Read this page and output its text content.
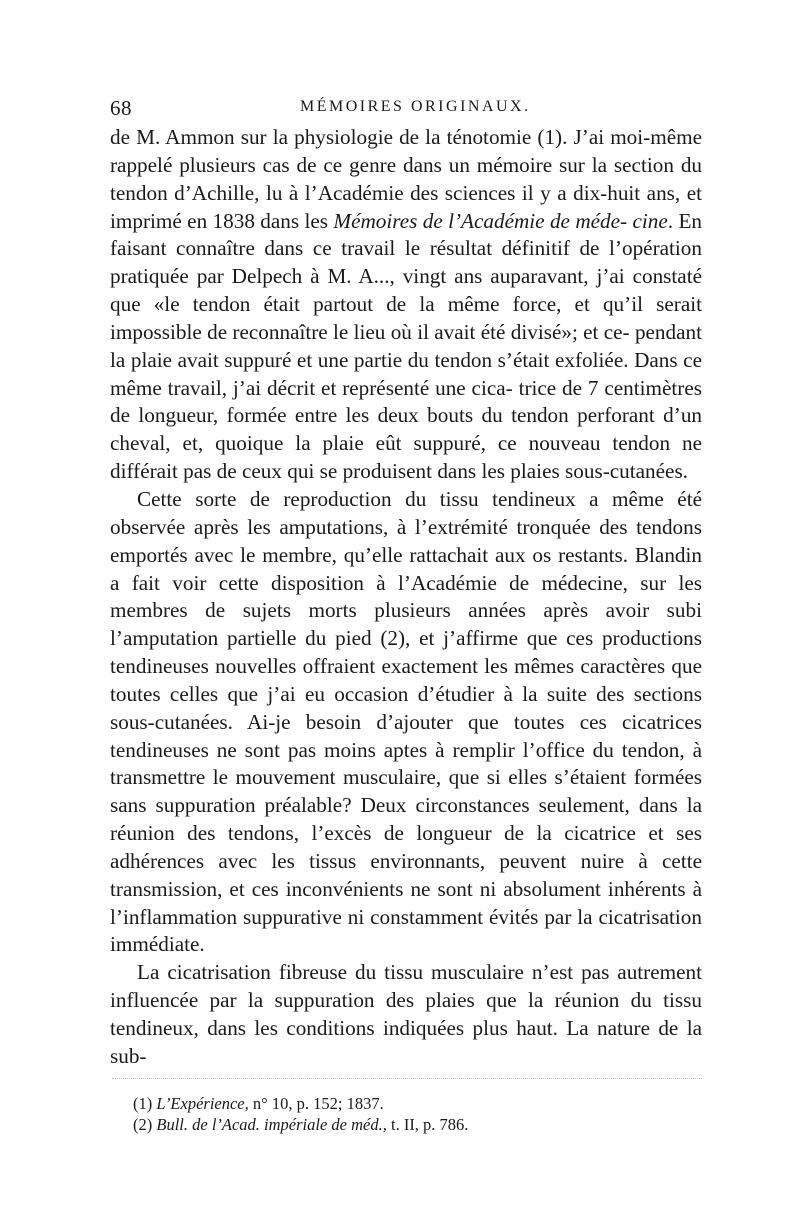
68	MÉMOIRES ORIGINAUX.

de M. Ammon sur la physiologie de la ténotomie (1). J’ai moi-même rappelé plusieurs cas de ce genre dans un mémoire sur la section du tendon d’Achille, lu à l’Académie des sciences il y a dix-huit ans, et imprimé en 1838 dans les Mémoires de l’Académie de méde- cine. En faisant connaître dans ce travail le résultat définitif de l’opération pratiquée par Delpech à M. A..., vingt ans auparavant, j’ai constaté que «le tendon était partout de la même force, et qu’il serait impossible de reconnaître le lieu où il avait été divisé»; et ce- pendant la plaie avait suppuré et une partie du tendon s’était exfoliée. Dans ce même travail, j’ai décrit et représenté une cica- trice de 7 centimètres de longueur, formée entre les deux bouts du tendon perforant d’un cheval, et, quoique la plaie eût suppuré, ce nouveau tendon ne différait pas de ceux qui se produisent dans les plaies sous-cutanées.

Cette sorte de reproduction du tissu tendineux a même été observée après les amputations, à l’extrémité tronquée des tendons emportés avec le membre, qu’elle rattachait aux os restants. Blandin a fait voir cette disposition à l’Académie de médecine, sur les membres de sujets morts plusieurs années après avoir subi l’amputation partielle du pied (2), et j’affirme que ces productions tendineuses nouvelles offraient exactement les mêmes caractères que toutes celles que j’ai eu occasion d’étudier à la suite des sections sous-cutanées. Ai-je besoin d’ajouter que toutes ces cicatrices tendineuses ne sont pas moins aptes à remplir l’office du tendon, à transmettre le mouvement musculaire, que si elles s’étaient formées sans suppuration préalable? Deux circonstances seulement, dans la réunion des tendons, l’excès de longueur de la cicatrice et ses adhérences avec les tissus environnants, peuvent nuire à cette transmission, et ces inconvénients ne sont ni absolument inhérents à l’inflammation suppurative ni constamment évités par la cicatrisation immédiate.

La cicatrisation fibreuse du tissu musculaire n’est pas autrement influencée par la suppuration des plaies que la réunion du tissu tendineux, dans les conditions indiquées plus haut. La nature de la sub-

(1) L’Expérience, n° 10, p. 152; 1837.

(2) Bull. de l’Acad. impériale de méd., t. II, p. 786.
